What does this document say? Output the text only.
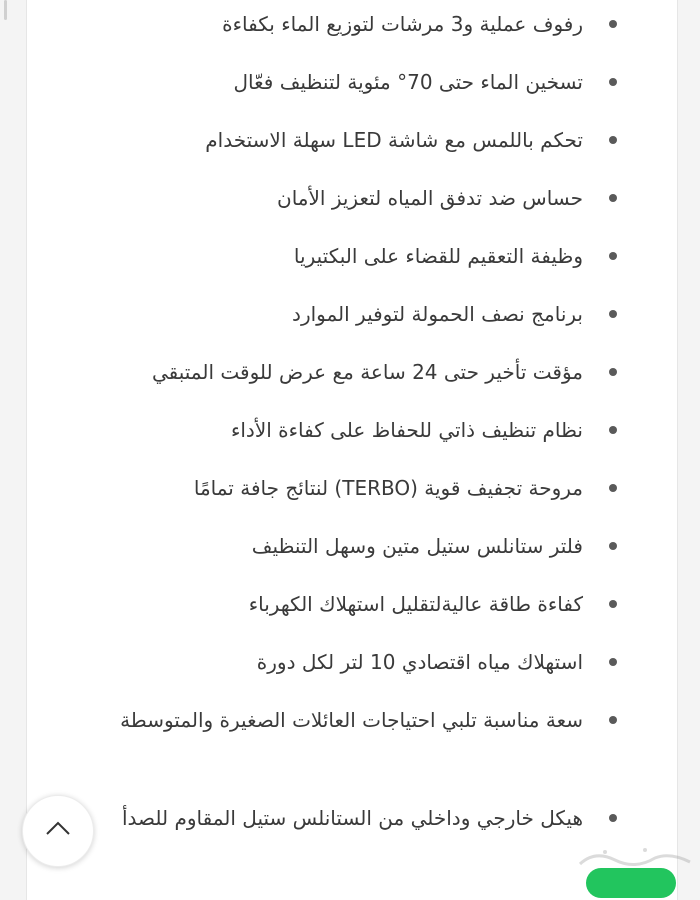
رفوف عملية و3 مرشات لتوزيع الماء بكفاءة
تسخين الماء حتى 70° مئوية لتنظيف فعّال
تحكم باللمس مع شاشة LED سهلة الاستخدام
حساس ضد تدفق المياه لتعزيز الأمان
وظيفة التعقيم للقضاء على البكتيريا
برنامج نصف الحمولة لتوفير الموارد
مؤقت تأخير حتى 24 ساعة مع عرض للوقت المتبقي
نظام تنظيف ذاتي للحفاظ على كفاءة الأداء
مروحة تجفيف قوية (TERBO) لنتائج جافة تمامًا
فلتر ستانلس ستيل متين وسهل التنظيف
كفاءة طاقة عاليةلتقليل استهلاك الكهرباء
استهلاك مياه اقتصادي 10 لتر لكل دورة
سعة مناسبة تلبي احتياجات العائلات الصغيرة والمتوسطة
هيكل خارجي وداخلي من الستانلس ستيل المقاوم للصدأ
